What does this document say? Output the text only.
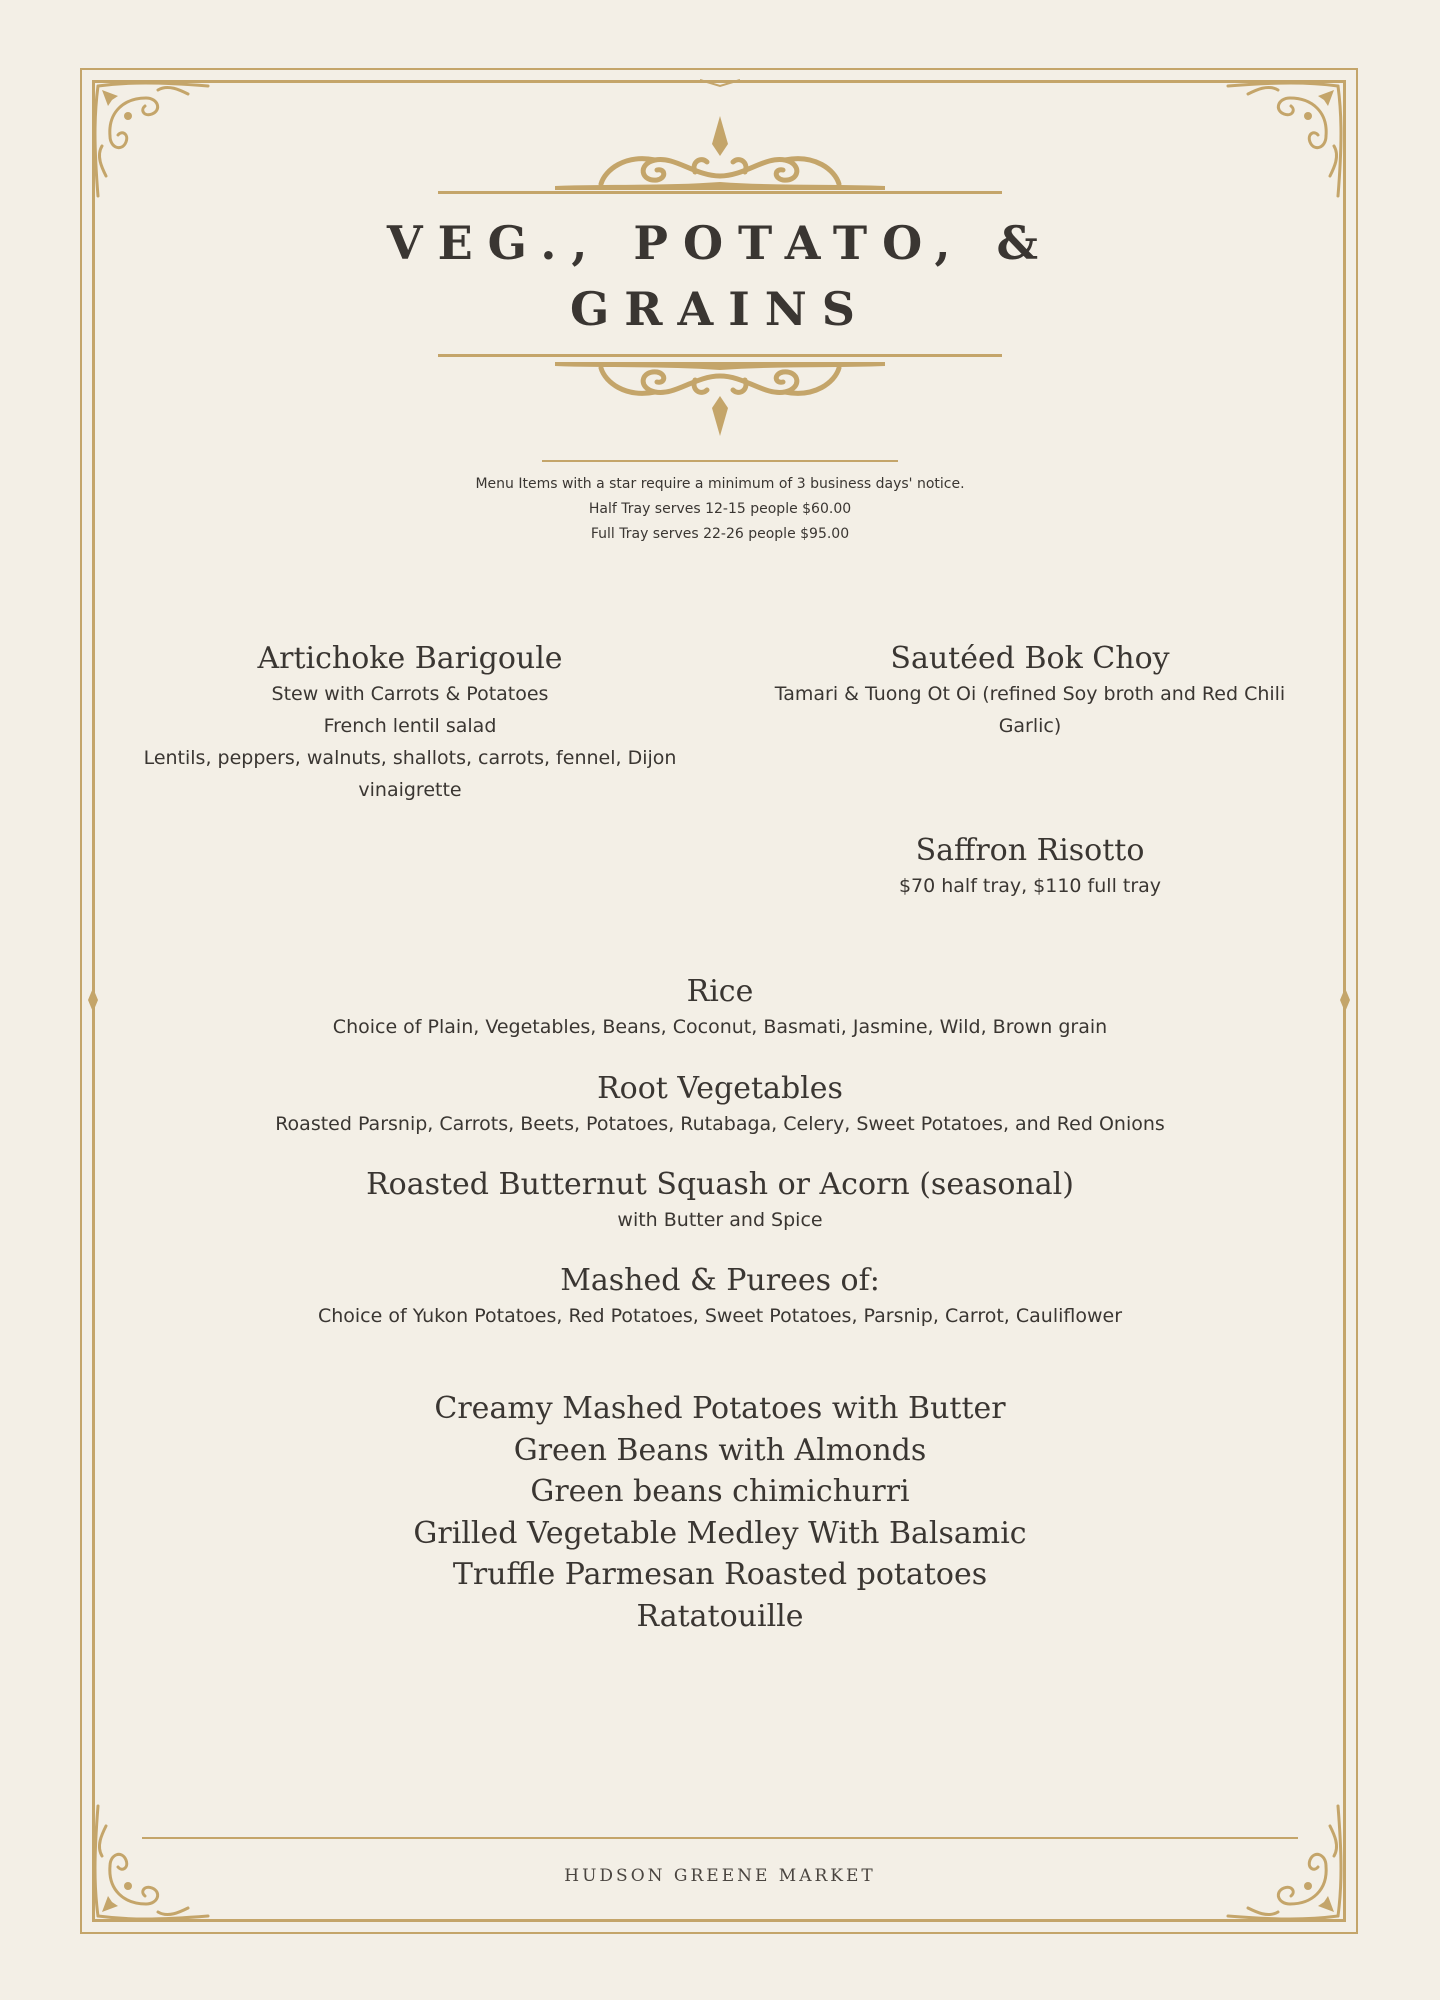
VEG., POTATO, &
GRAINS
Menu Items with a star require a minimum of 3 business days' notice.
Half Tray serves 12-15 people $60.00
Full Tray serves 22-26 people $95.00
Artichoke Barigoule
Stew with Carrots & Potatoes
French lentil salad
Lentils, peppers, walnuts, shallots, carrots, fennel, Dijon vinaigrette
Sautéed Bok Choy
Tamari & Tuong Ot Oi (refined Soy broth and Red Chili Garlic)
Saffron Risotto
$70 half tray, $110 full tray
Rice
Choice of Plain, Vegetables, Beans, Coconut, Basmati, Jasmine, Wild, Brown grain
Root Vegetables
Roasted Parsnip, Carrots, Beets, Potatoes, Rutabaga, Celery, Sweet Potatoes, and Red Onions
Roasted Butternut Squash or Acorn (seasonal)
with Butter and Spice
Mashed & Purees of:
Choice of Yukon Potatoes, Red Potatoes, Sweet Potatoes, Parsnip, Carrot, Cauliflower
Creamy Mashed Potatoes with Butter
Green Beans with Almonds
Green beans chimichurri
Grilled Vegetable Medley With Balsamic
Truffle Parmesan Roasted potatoes
Ratatouille
HUDSON GREENE MARKET
